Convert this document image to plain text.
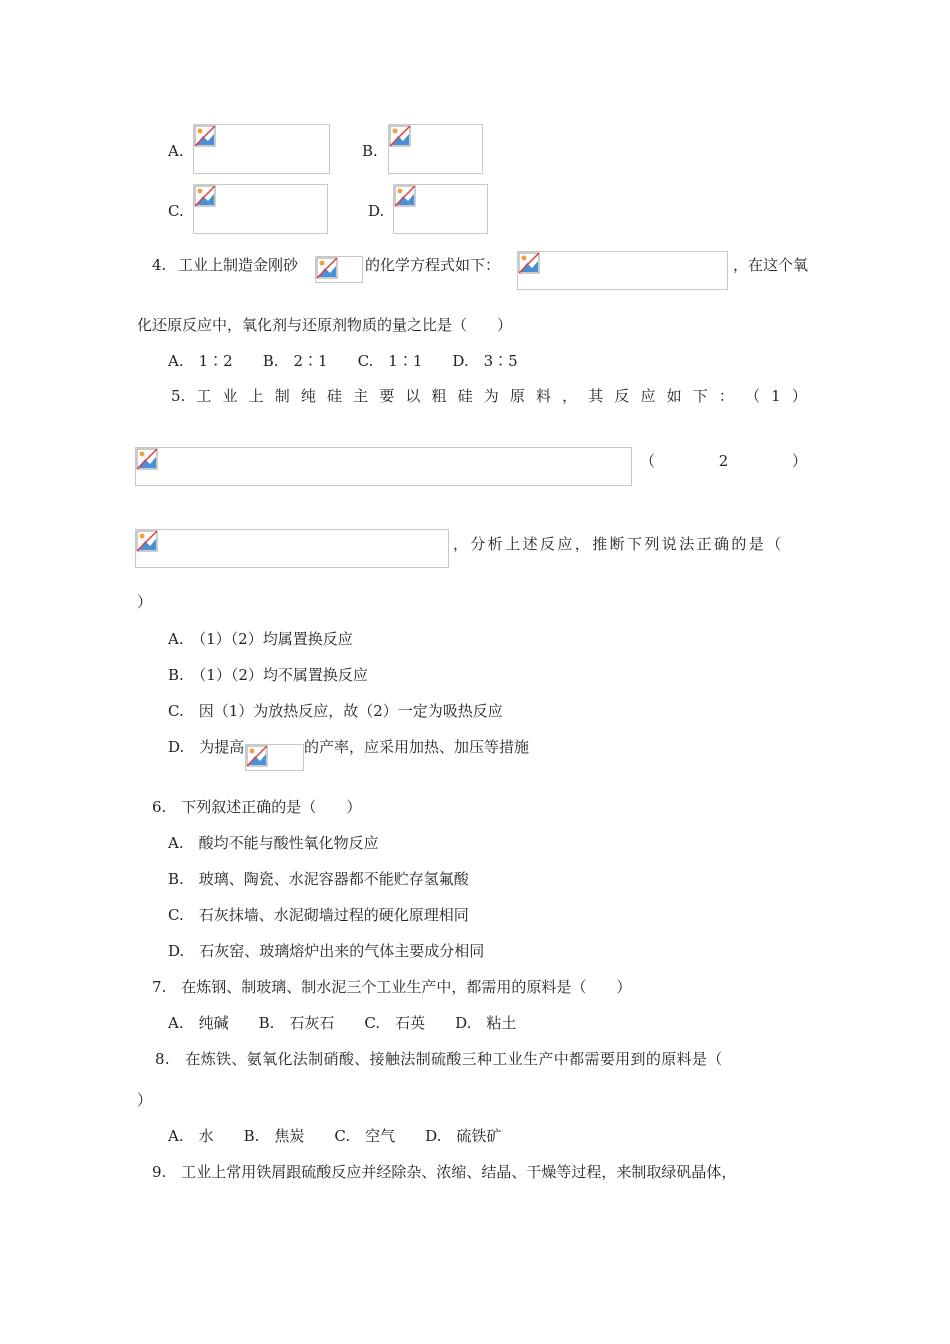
A.	B.
C.	D.
4. 工业上制造金刚砂	的化学方程式如下：	，在这个氧
化还原反应中，氧化剂与还原剂物质的量之比是（　　）
A.　1∶2　　B.　2∶1　　C.　1∶1　　D.　3∶5
5. 工 业 上 制 纯 硅 主 要 以 粗 硅 为 原 料 ， 其 反 应 如 下 ： （ 1 ）
（	2	）
，分析上述反应，推断下列说法正确的是（
）
A.　（1）（2）均属置换反应
B.　（1）（2）均不属置换反应
C.　因（1）为放热反应，故（2）一定为吸热反应
D.　为提高	的产率，应采用加热、加压等措施
6.　下列叙述正确的是（　　）
A.　酸均不能与酸性氧化物反应
B.　玻璃、陶瓷、水泥容器都不能贮存氢氟酸
C.　石灰抹墙、水泥砌墙过程的硬化原理相同
D.　石灰窑、玻璃熔炉出来的气体主要成分相同
7.　在炼钢、制玻璃、制水泥三个工业生产中，都需用的原料是（　　）
A.　纯碱　　B.　石灰石　　C.　石英　　D.　粘土
8.　在炼铁、氨氧化法制硝酸、接触法制硫酸三种工业生产中都需要用到的原料是（
）
A.　水　　B.　焦炭　　C.　空气　　D.　硫铁矿
9.　工业上常用铁屑跟硫酸反应并经除杂、浓缩、结晶、干燥等过程，来制取绿矾晶体，
